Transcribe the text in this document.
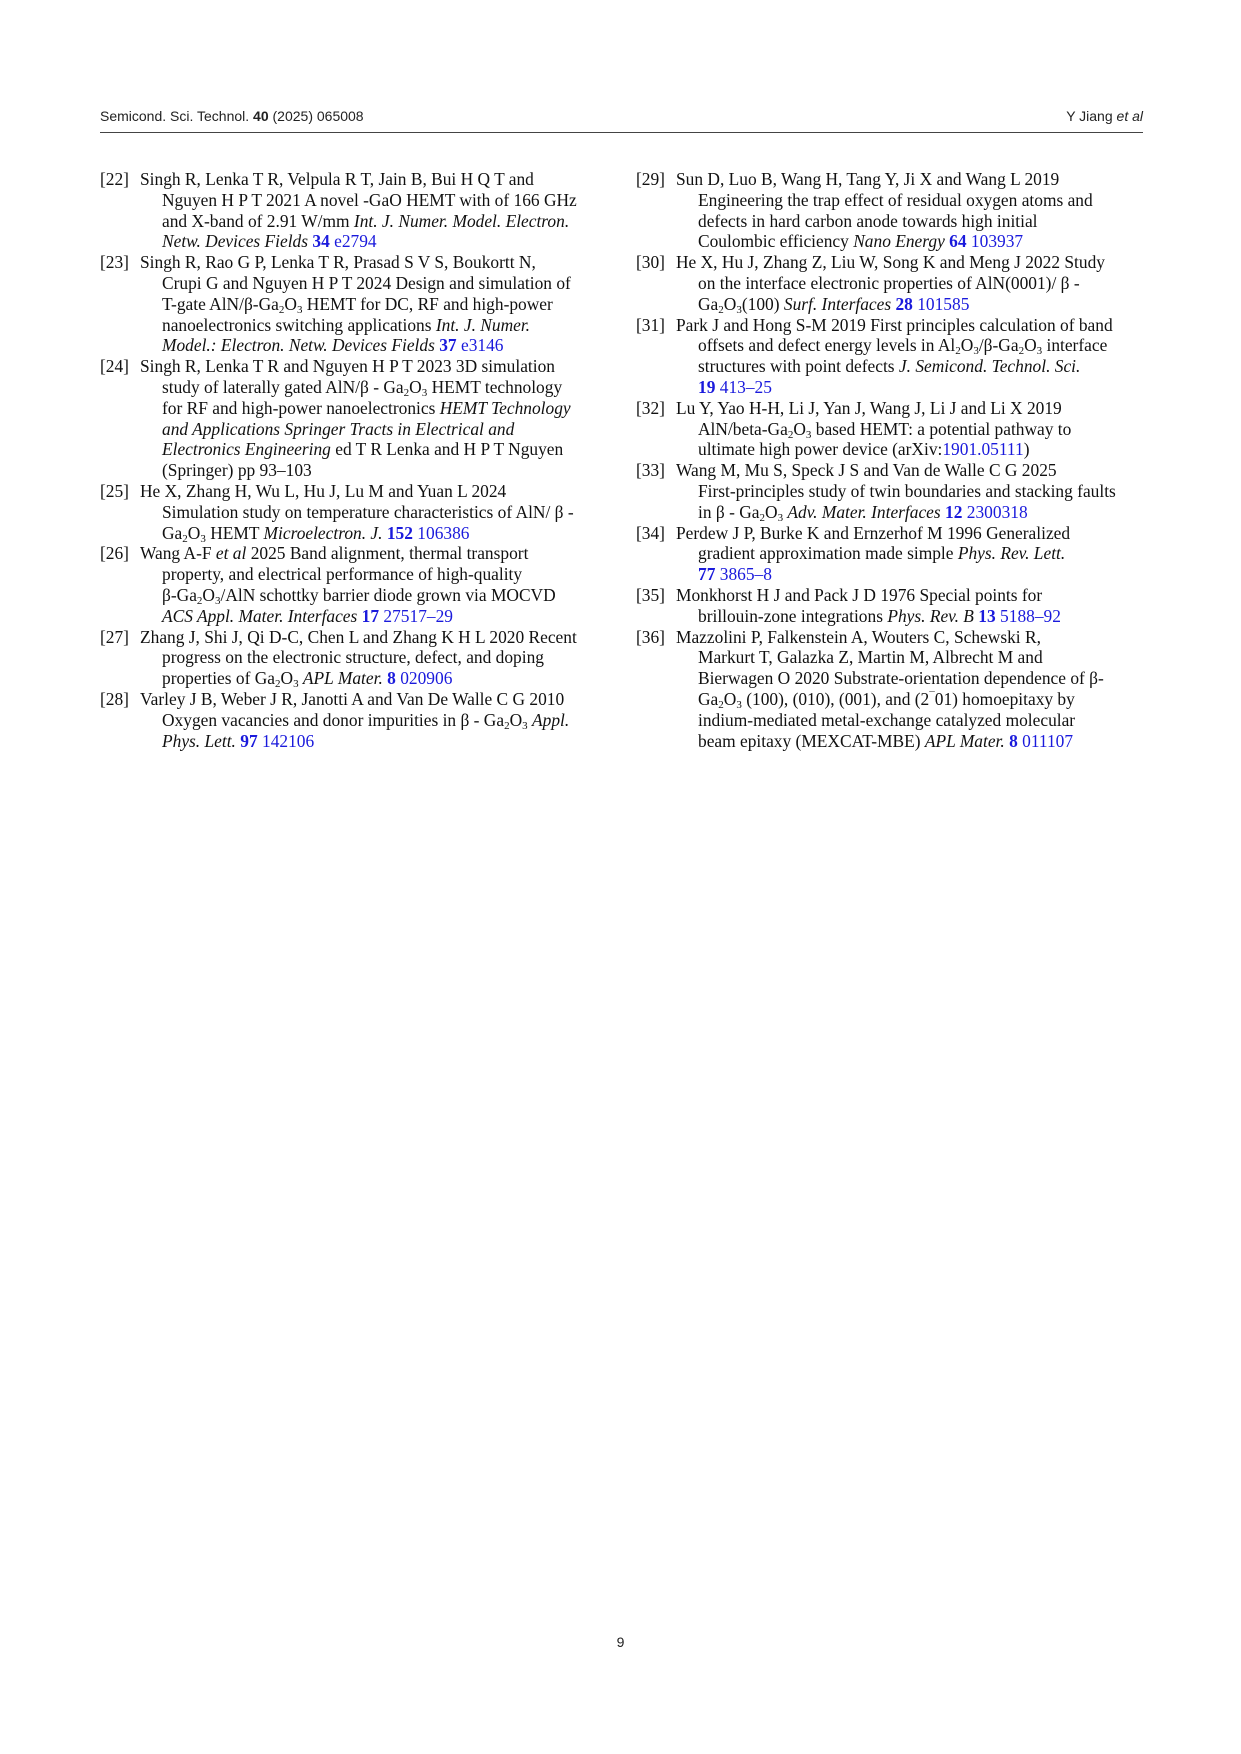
Semicond. Sci. Technol. 40 (2025) 065008	Y Jiang et al
[22] Singh R, Lenka T R, Velpula R T, Jain B, Bui H Q T and
Nguyen H P T 2021 A novel -GaO HEMT with of 166 GHz
and X-band of 2.91 W/mm Int. J. Numer. Model. Electron.
Netw. Devices Fields 34 e2794
[23] Singh R, Rao G P, Lenka T R, Prasad S V S, Boukortt N,
Crupi G and Nguyen H P T 2024 Design and simulation of
T-gate AlN/$\beta-Ga_2O_3$ HEMT for DC, RF and high-power
nanoelectronics switching applications Int. J. Numer.
Model.: Electron. Netw. Devices Fields 37 e3146
[24] Singh R, Lenka T R and Nguyen H P T 2023 3D simulation
study of laterally gated $AlN/\beta - Ga_2O_3$ HEMT technology
for RF and high-power nanoelectronics HEMT Technology
and Applications Springer Tracts in Electrical and
Electronics Engineering ed T R Lenka and H P T Nguyen
(Springer) pp 93–103
[25] He X, Zhang H, Wu L, Hu J, Lu M and Yuan L 2024
Simulation study on temperature characteristics of AlN/ β -
$Ga_2O_3$ HEMT Microelectron. J. 152 106386
[26] Wang A-F et al 2025 Band alignment, thermal transport
property, and electrical performance of high-quality
$\beta-Ga_2O_3$/AlN schottky barrier diode grown via MOCVD
ACS Appl. Mater. Interfaces 17 27517–29
[27] Zhang J, Shi J, Qi D-C, Chen L and Zhang K H L 2020 Recent
progress on the electronic structure, defect, and doping
properties of $Ga_2O_3$ APL Mater. 8 020906
[28] Varley J B, Weber J R, Janotti A and Van De Walle C G 2010
Oxygen vacancies and donor impurities in β - $Ga_2O_3$ Appl.
Phys. Lett. 97 142106
[29] Sun D, Luo B, Wang H, Tang Y, Ji X and Wang L 2019
Engineering the trap effect of residual oxygen atoms and
defects in hard carbon anode towards high initial
Coulombic efficiency Nano Energy 64 103937
[30] He X, Hu J, Zhang Z, Liu W, Song K and Meng J 2022 Study
on the interface electronic properties of AlN(0001)/ β -
$Ga_2O_3(100)$ Surf. Interfaces 28 101585
[31] Park J and Hong S-M 2019 First principles calculation of band
offsets and defect energy levels in $Al_2O_3/\beta-Ga_2O_3$ interface
structures with point defects J. Semicond. Technol. Sci.
19 413–25
[32] Lu Y, Yao H-H, Li J, Yan J, Wang J, Li J and Li X 2019
AlN/$beta-Ga_2O_3$ based HEMT: a potential pathway to
ultimate high power device (arXiv:1901.05111)
[33] Wang M, Mu S, Speck J S and Van de Walle C G 2025
First-principles study of twin boundaries and stacking faults
in β - $Ga_2O_3$ Adv. Mater. Interfaces 12 2300318
[34] Perdew J P, Burke K and Ernzerhof M 1996 Generalized
gradient approximation made simple Phys. Rev. Lett.
77 3865–8
[35] Monkhorst H J and Pack J D 1976 Special points for
brillouin-zone integrations Phys. Rev. B 13 5188–92
[36] Mazzolini P, Falkenstein A, Wouters C, Schewski R,
Markurt T, Galazka Z, Martin M, Albrecht M and
Bierwagen O 2020 Substrate-orientation dependence of β-
$Ga_2O_3$ (100), (010), (001), and (2¯01) homoepitaxy by
indium-mediated metal-exchange catalyzed molecular
beam epitaxy (MEXCAT-MBE) APL Mater. 8 011107
9
